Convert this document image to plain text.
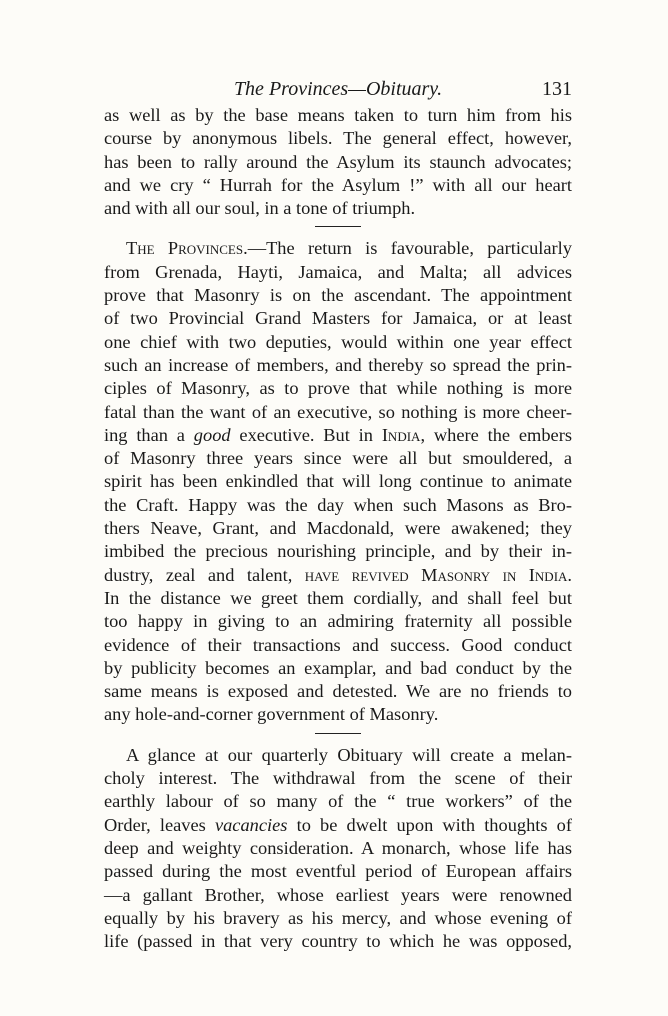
The Provinces—Obituary.	131
as well as by the base means taken to turn him from his
course by anonymous libels. The general effect, however,
has been to rally around the Asylum its staunch advocates;
and we cry “ Hurrah for the Asylum !” with all our heart
and with all our soul, in a tone of triumph.
The Provinces.—The return is favourable, particularly
from Grenada, Hayti, Jamaica, and Malta; all advices
prove that Masonry is on the ascendant. The appointment
of two Provincial Grand Masters for Jamaica, or at least
one chief with two deputies, would within one year effect
such an increase of members, and thereby so spread the prin-
ciples of Masonry, as to prove that while nothing is more
fatal than the want of an executive, so nothing is more cheer-
ing than a good executive. But in India, where the embers
of Masonry three years since were all but smouldered, a
spirit has been enkindled that will long continue to animate
the Craft. Happy was the day when such Masons as Bro-
thers Neave, Grant, and Macdonald, were awakened; they
imbibed the precious nourishing principle, and by their in-
dustry, zeal and talent, have revived Masonry in India.
In the distance we greet them cordially, and shall feel but
too happy in giving to an admiring fraternity all possible
evidence of their transactions and success. Good conduct
by publicity becomes an examplar, and bad conduct by the
same means is exposed and detested. We are no friends to
any hole-and-corner government of Masonry.
A glance at our quarterly Obituary will create a melan-
choly interest. The withdrawal from the scene of their
earthly labour of so many of the “ true workers” of the
Order, leaves vacancies to be dwelt upon with thoughts of
deep and weighty consideration. A monarch, whose life has
passed during the most eventful period of European affairs
—a gallant Brother, whose earliest years were renowned
equally by his bravery as his mercy, and whose evening of
life (passed in that very country to which he was opposed,
